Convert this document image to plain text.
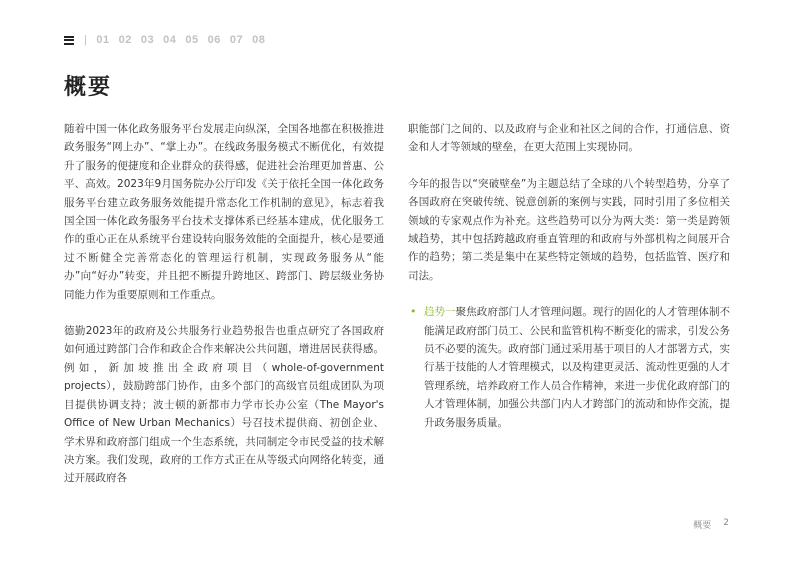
| 01 02 03 04 05 06 07 08
概要

随着中国一体化政务服务平台发展走向纵深，全国各地都在积极推进政务服务“网上办”、“掌上办”。在线政务服务模式不断优化，有效提升了服务的便捷度和企业群众的获得感，促进社会治理更加普惠、公平、高效。2023年9月国务院办公厅印发《关于依托全国一体化政务服务平台建立政务服务效能提升常态化工作机制的意见》，标志着我国全国一体化政务服务平台技术支撑体系已经基本建成，优化服务工作的重心正在从系统平台建设转向服务效能的全面提升，核心是要通过不断健全完善常态化的管理运行机制，实现政务服务从“能办”向“好办”转变，并且把不断提升跨地区、跨部门、跨层级业务协同能力作为重要原则和工作重点。

德勤2023年的政府及公共服务行业趋势报告也重点研究了各国政府如何通过跨部门合作和政企合作来解决公共问题，增进居民获得感。例如，新加坡推出全政府项目（whole-of-government projects），鼓励跨部门协作，由多个部门的高级官员组成团队为项目提供协调支持；波士顿的新都市力学市长办公室（The Mayor's Office of New Urban Mechanics）号召技术提供商、初创企业、学术界和政府部门组成一个生态系统，共同制定令市民受益的技术解决方案。我们发现，政府的工作方式正在从等级式向网络化转变，通过开展政府各

职能部门之间的、以及政府与企业和社区之间的合作，打通信息、资金和人才等领域的壁垒，在更大范围上实现协同。

今年的报告以“突破壁垒”为主题总结了全球的八个转型趋势，分享了各国政府在突破传统、锐意创新的案例与实践，同时引用了多位相关领域的专家观点作为补充。这些趋势可以分为两大类：第一类是跨领域趋势，其中包括跨越政府垂直管理的和政府与外部机构之间展开合作的趋势；第二类是集中在某些特定领域的趋势，包括监管、医疗和司法。

• 趋势一聚焦政府部门人才管理问题。现行的固化的人才管理体制不能满足政府部门员工、公民和监管机构不断变化的需求，引发公务员不必要的流失。政府部门通过采用基于项目的人才部署方式，实行基于技能的人才管理模式，以及构建更灵活、流动性更强的人才管理系统，培养政府工作人员合作精神，来进一步优化政府部门的人才管理体制，加强公共部门内人才跨部门的流动和协作交流，提升政务服务质量。
概要 2
